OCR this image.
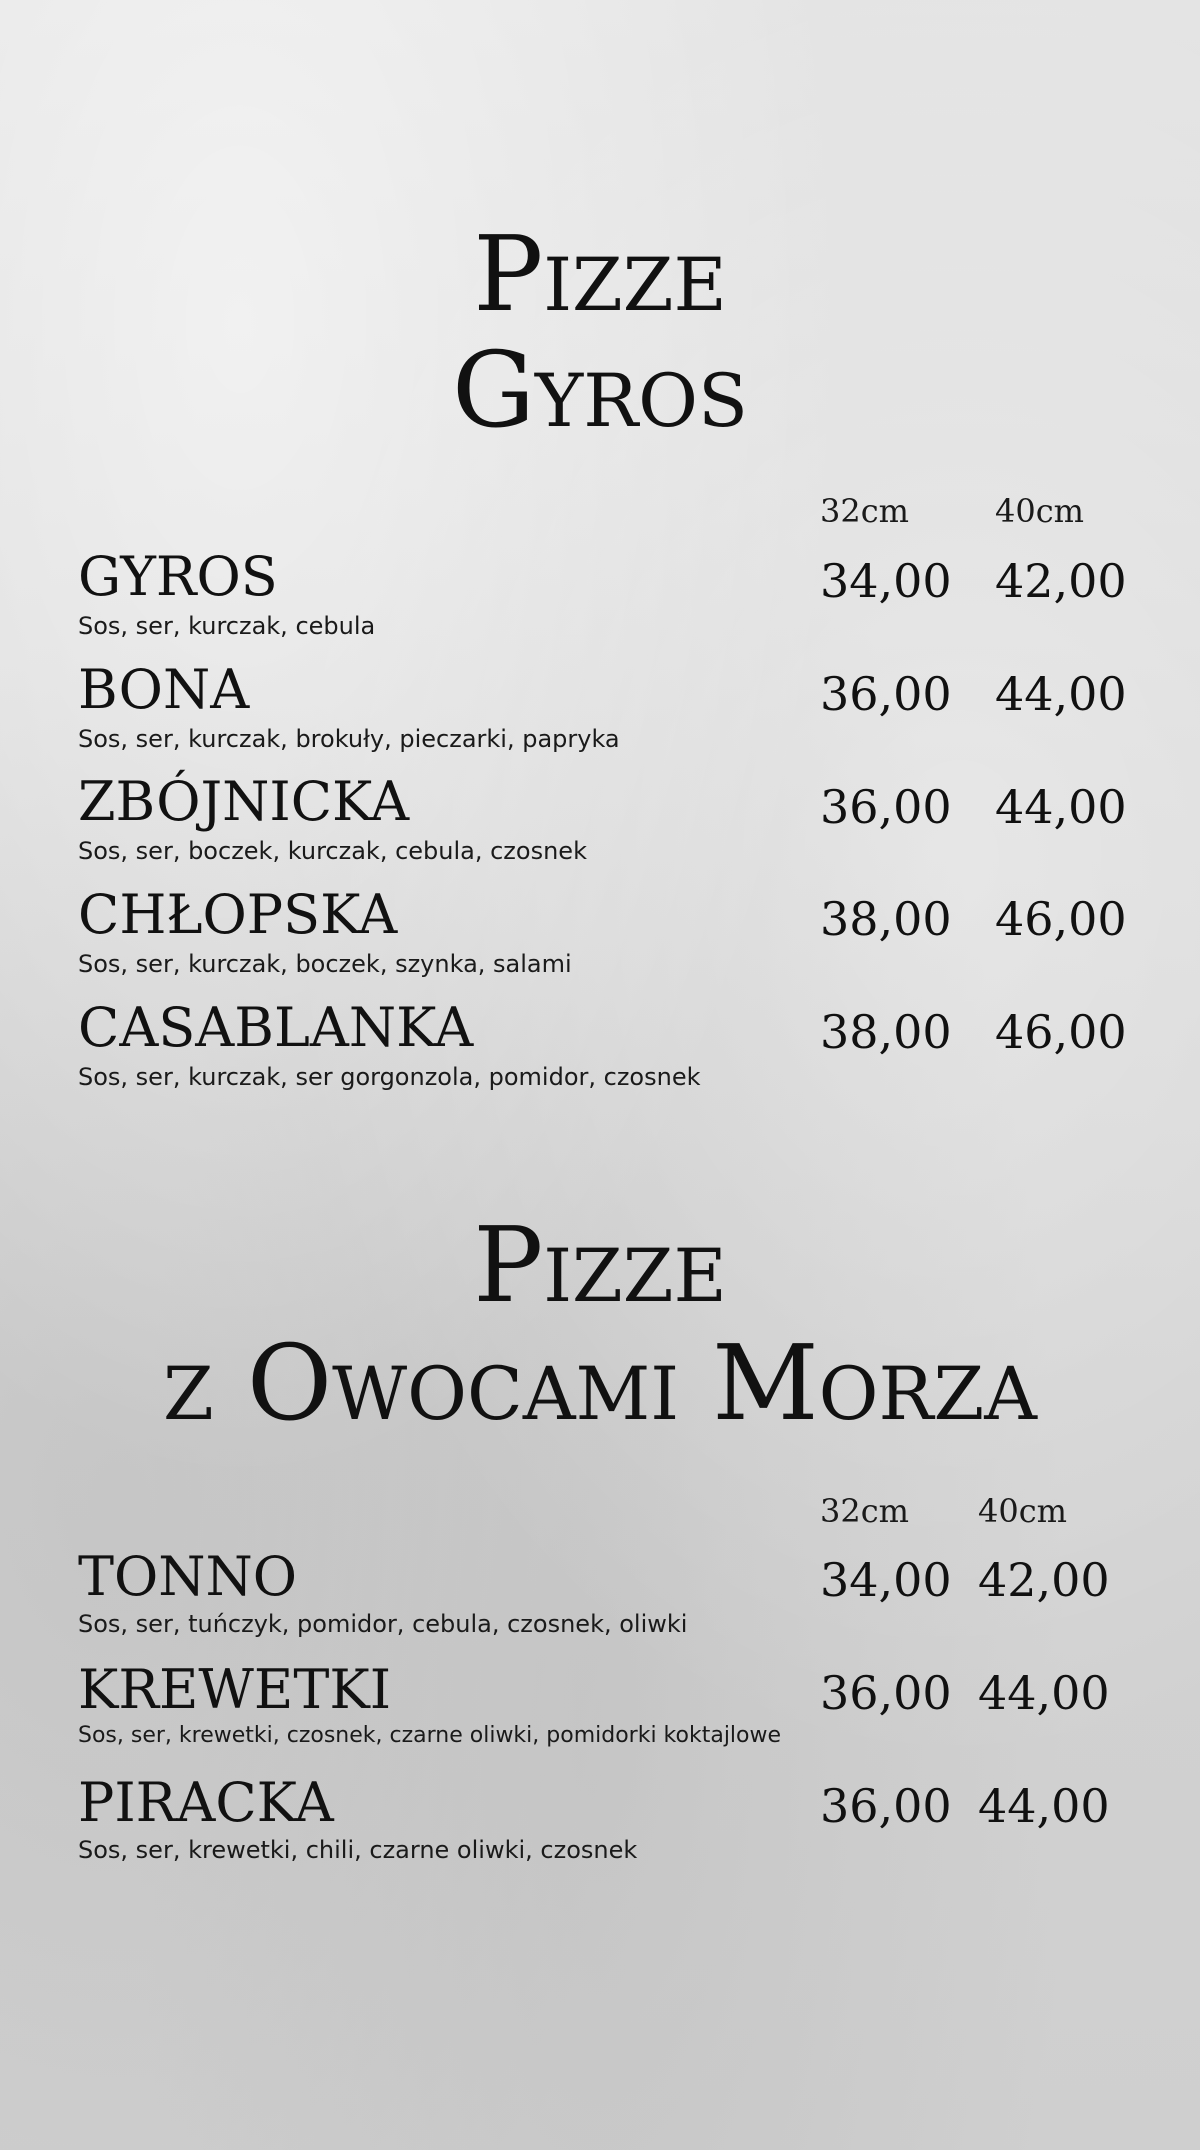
Pizze
Gyros
32cm	40cm
GYROS
Sos, ser, kurczak, cebula
34,00 42,00
BONA
Sos, ser, kurczak, brokuły, pieczarki, papryka
36,00 44,00
ZBÓJNICKA
Sos, ser, boczek, kurczak, cebula, czosnek
36,00 44,00
CHŁOPSKA
Sos, ser, kurczak, boczek, szynka, salami
38,00 46,00
CASABLANKA
Sos, ser, kurczak, ser gorgonzola, pomidor, czosnek
38,00 46,00
Pizze
z Owocami Morza
32cm 40cm
TONNO
Sos, ser, tuńczyk, pomidor, cebula, czosnek, oliwki
34,00 42,00
KREWETKI
Sos, ser, krewetki, czosnek, czarne oliwki, pomidorki koktajlowe
36,00 44,00
PIRACKA
Sos, ser, krewetki, chili, czarne oliwki, czosnek
36,00 44,00
